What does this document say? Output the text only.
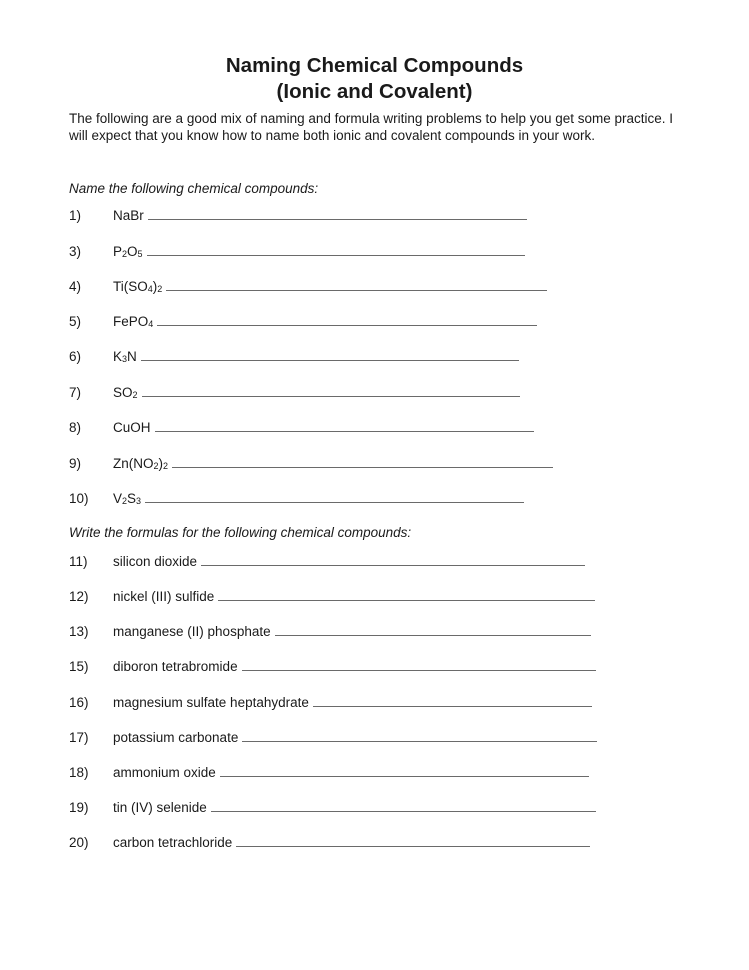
Naming Chemical Compounds
(Ionic and Covalent)
The following are a good mix of naming and formula writing problems to help you get some practice. I will expect that you know how to name both ionic and covalent compounds in your work.
Name the following chemical compounds:
1)	NaBr
3)	$P_2O_5$
4)	$Ti(SO_4)_2$
5)	FePO$_4$
6)	$K_3N$
7)	$SO_2$
8)	CuOH
9)	$Zn(NO_2)_2$
10)	$V_2S_3$
Write the formulas for the following chemical compounds:
11)	silicon dioxide
12)	nickel (III) sulfide
13)	manganese (II) phosphate
15)	diboron tetrabromide
16)	magnesium sulfate heptahydrate
17)	potassium carbonate
18)	ammonium oxide
19)	tin (IV) selenide
20)	carbon tetrachloride
